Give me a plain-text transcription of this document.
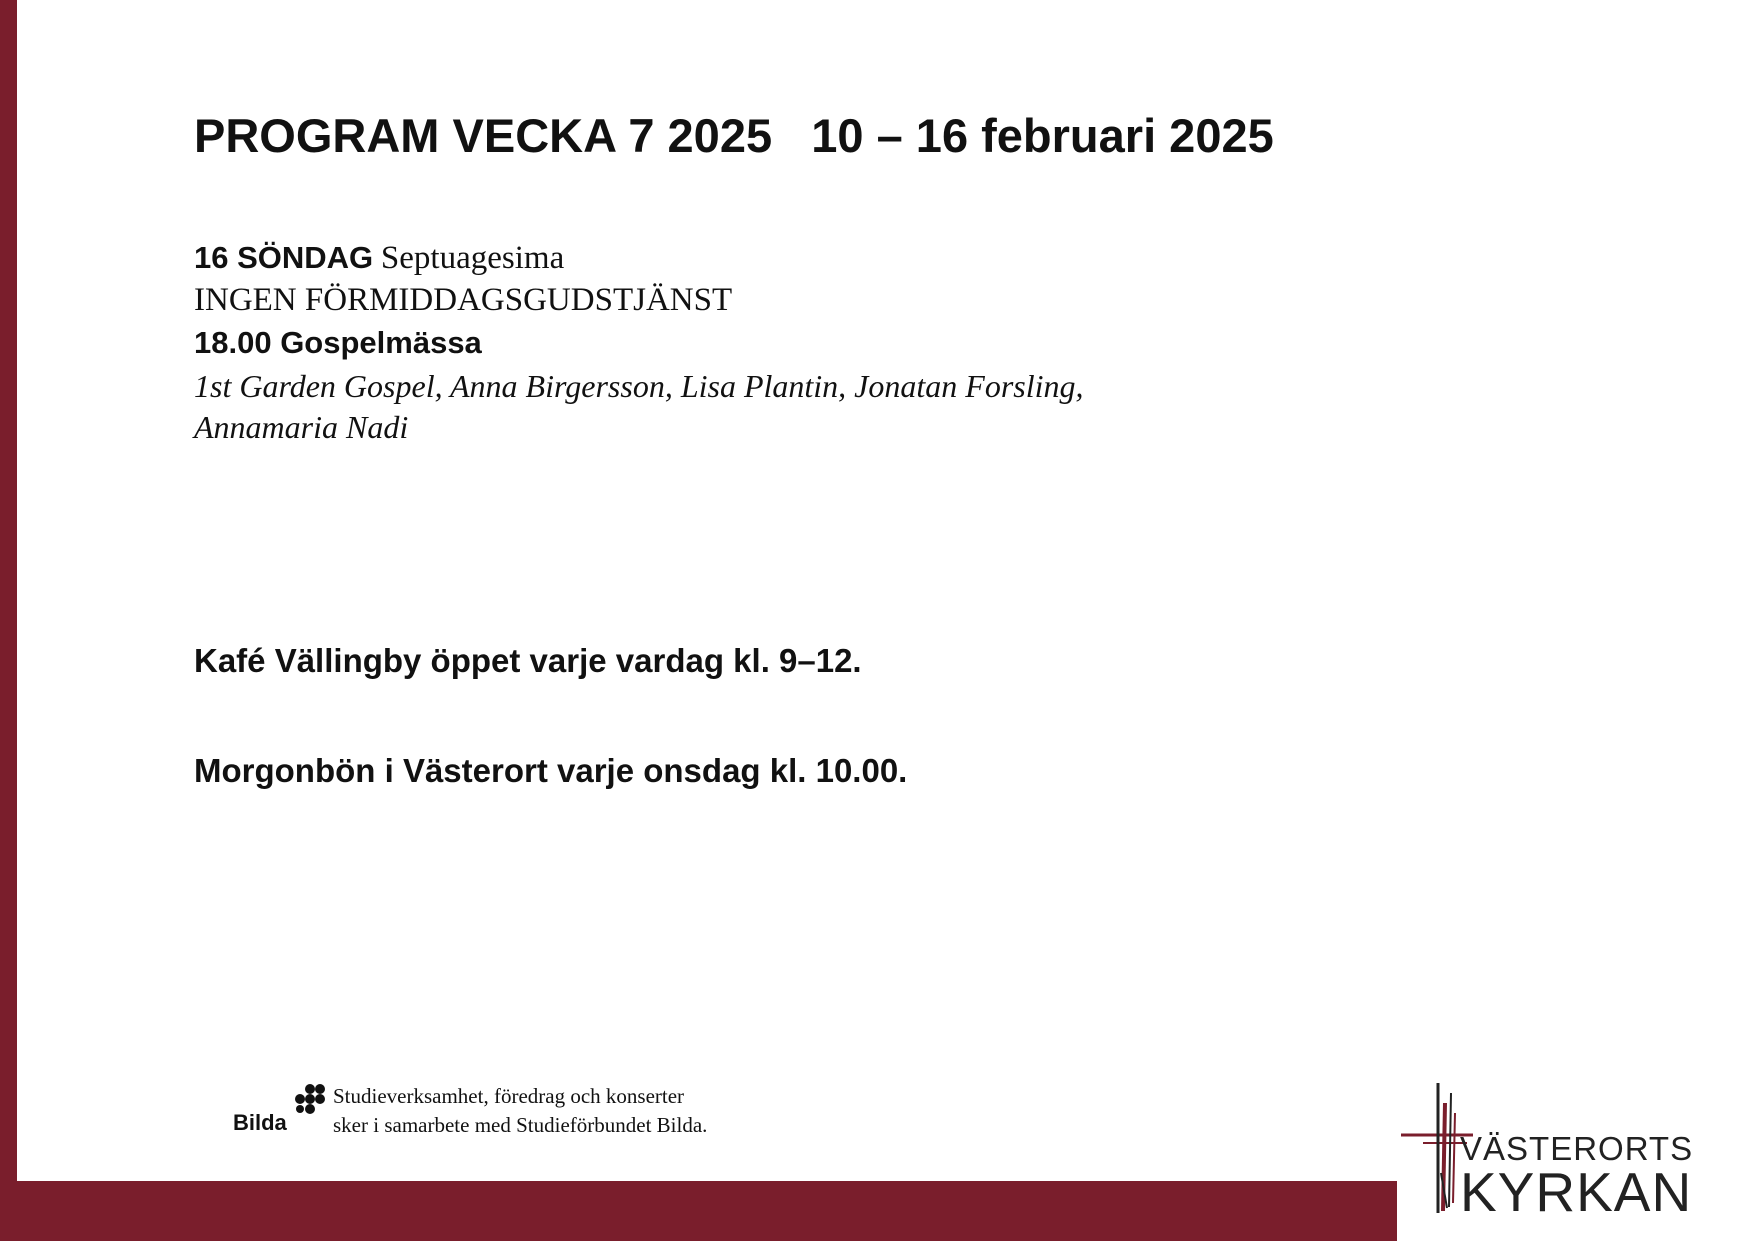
PROGRAM VECKA 7 2025   10 – 16 februari 2025
16 SÖNDAG Septuagesima
INGEN FÖRMIDDAGSGUDSTJÄNST
18.00 Gospelmässa
1st Garden Gospel, Anna Birgersson, Lisa Plantin, Jonatan Forsling,
Annamaria Nadi
Kafé Vällingby öppet varje vardag kl. 9–12.
Morgonbön i Västerort varje onsdag kl. 10.00.
Bilda
Studieverksamhet, föredrag och konserter
sker i samarbete med Studieförbundet Bilda.
VÄSTERORTS
KYRKAN
